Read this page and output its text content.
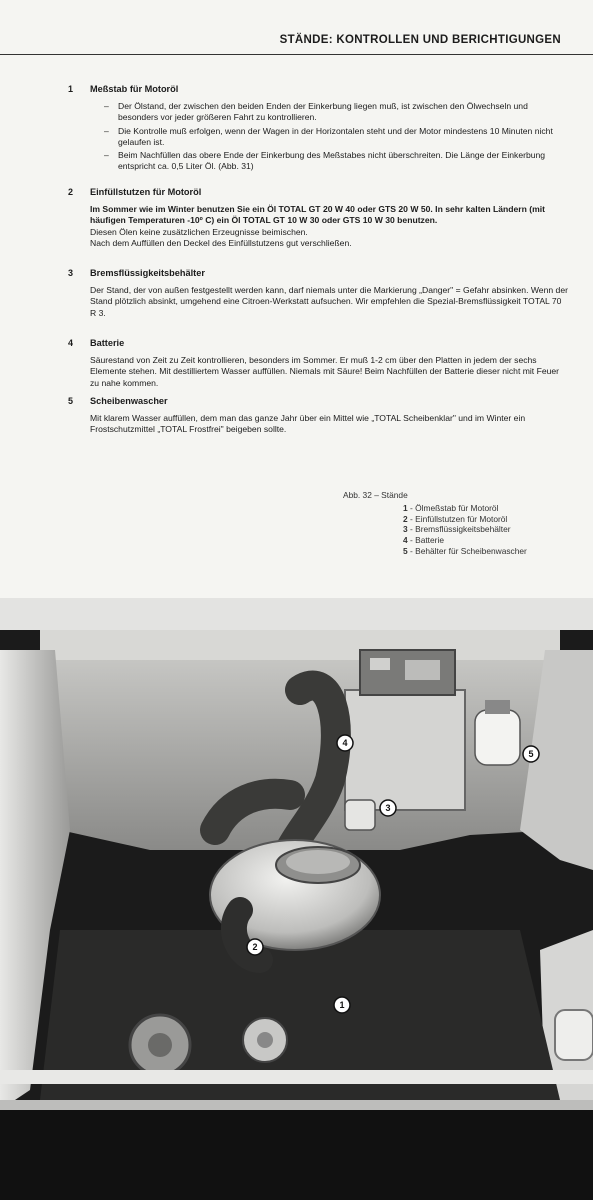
STÄNDE: KONTROLLEN UND BERICHTIGUNGEN
1 Meßstab für Motoröl
– Der Ölstand, der zwischen den beiden Enden der Einkerbung liegen muß, ist zwischen den Ölwechseln und besonders vor jeder größeren Fahrt zu kontrollieren.
– Die Kontrolle muß erfolgen, wenn der Wagen in der Horizontalen steht und der Motor mindestens 10 Minuten nicht gelaufen ist.
– Beim Nachfüllen das obere Ende der Einkerbung des Meßstabes nicht überschreiten. Die Länge der Einkerbung entspricht ca. 0,5 Liter Öl. (Abb. 31)
2 Einfüllstutzen für Motoröl

Im Sommer wie im Winter benutzen Sie ein Öl TOTAL GT 20 W 40 oder GTS 20 W 50. In sehr kalten Ländern (mit häufigen Temperaturen -10º C) ein Öl TOTAL GT 10 W 30 oder GTS 10 W 30 benutzen.

Diesen Ölen keine zusätzlichen Erzeugnisse beimischen.

Nach dem Auffüllen den Deckel des Einfüllstutzens gut verschließen.

3 Bremsflüssigkeitsbehälter

Der Stand, der von außen festgestellt werden kann, darf niemals unter die Markierung „Danger" = Gefahr absinken. Wenn der Stand plötzlich absinkt, umgehend eine Citroen-Werkstatt aufsuchen. Wir empfehlen die Spezial-Bremsflüssigkeit TOTAL 70 R 3.

4 Batterie

Säurestand von Zeit zu Zeit kontrollieren, besonders im Sommer. Er muß 1-2 cm über den Platten in jedem der sechs Elemente stehen. Mit destilliertem Wasser auffüllen. Niemals mit Säure! Beim Nachfüllen der Batterie dieser nicht mit Feuer zu nahe kommen.

5 Scheibenwascher

Mit klarem Wasser auffüllen, dem man das ganze Jahr über ein Mittel wie „TOTAL Scheibenklar" und im Winter ein Frostschutzmittel „TOTAL Frostfrei" beigeben sollte.

Abb. 32 – Stände
1 - Ölmeßstab für Motoröl
2 - Einfüllstutzen für Motoröl
3 - Bremsflüssigkeitsbehälter
4 - Batterie
5 - Behälter für Scheibenwascher
1
2
3
4
5
